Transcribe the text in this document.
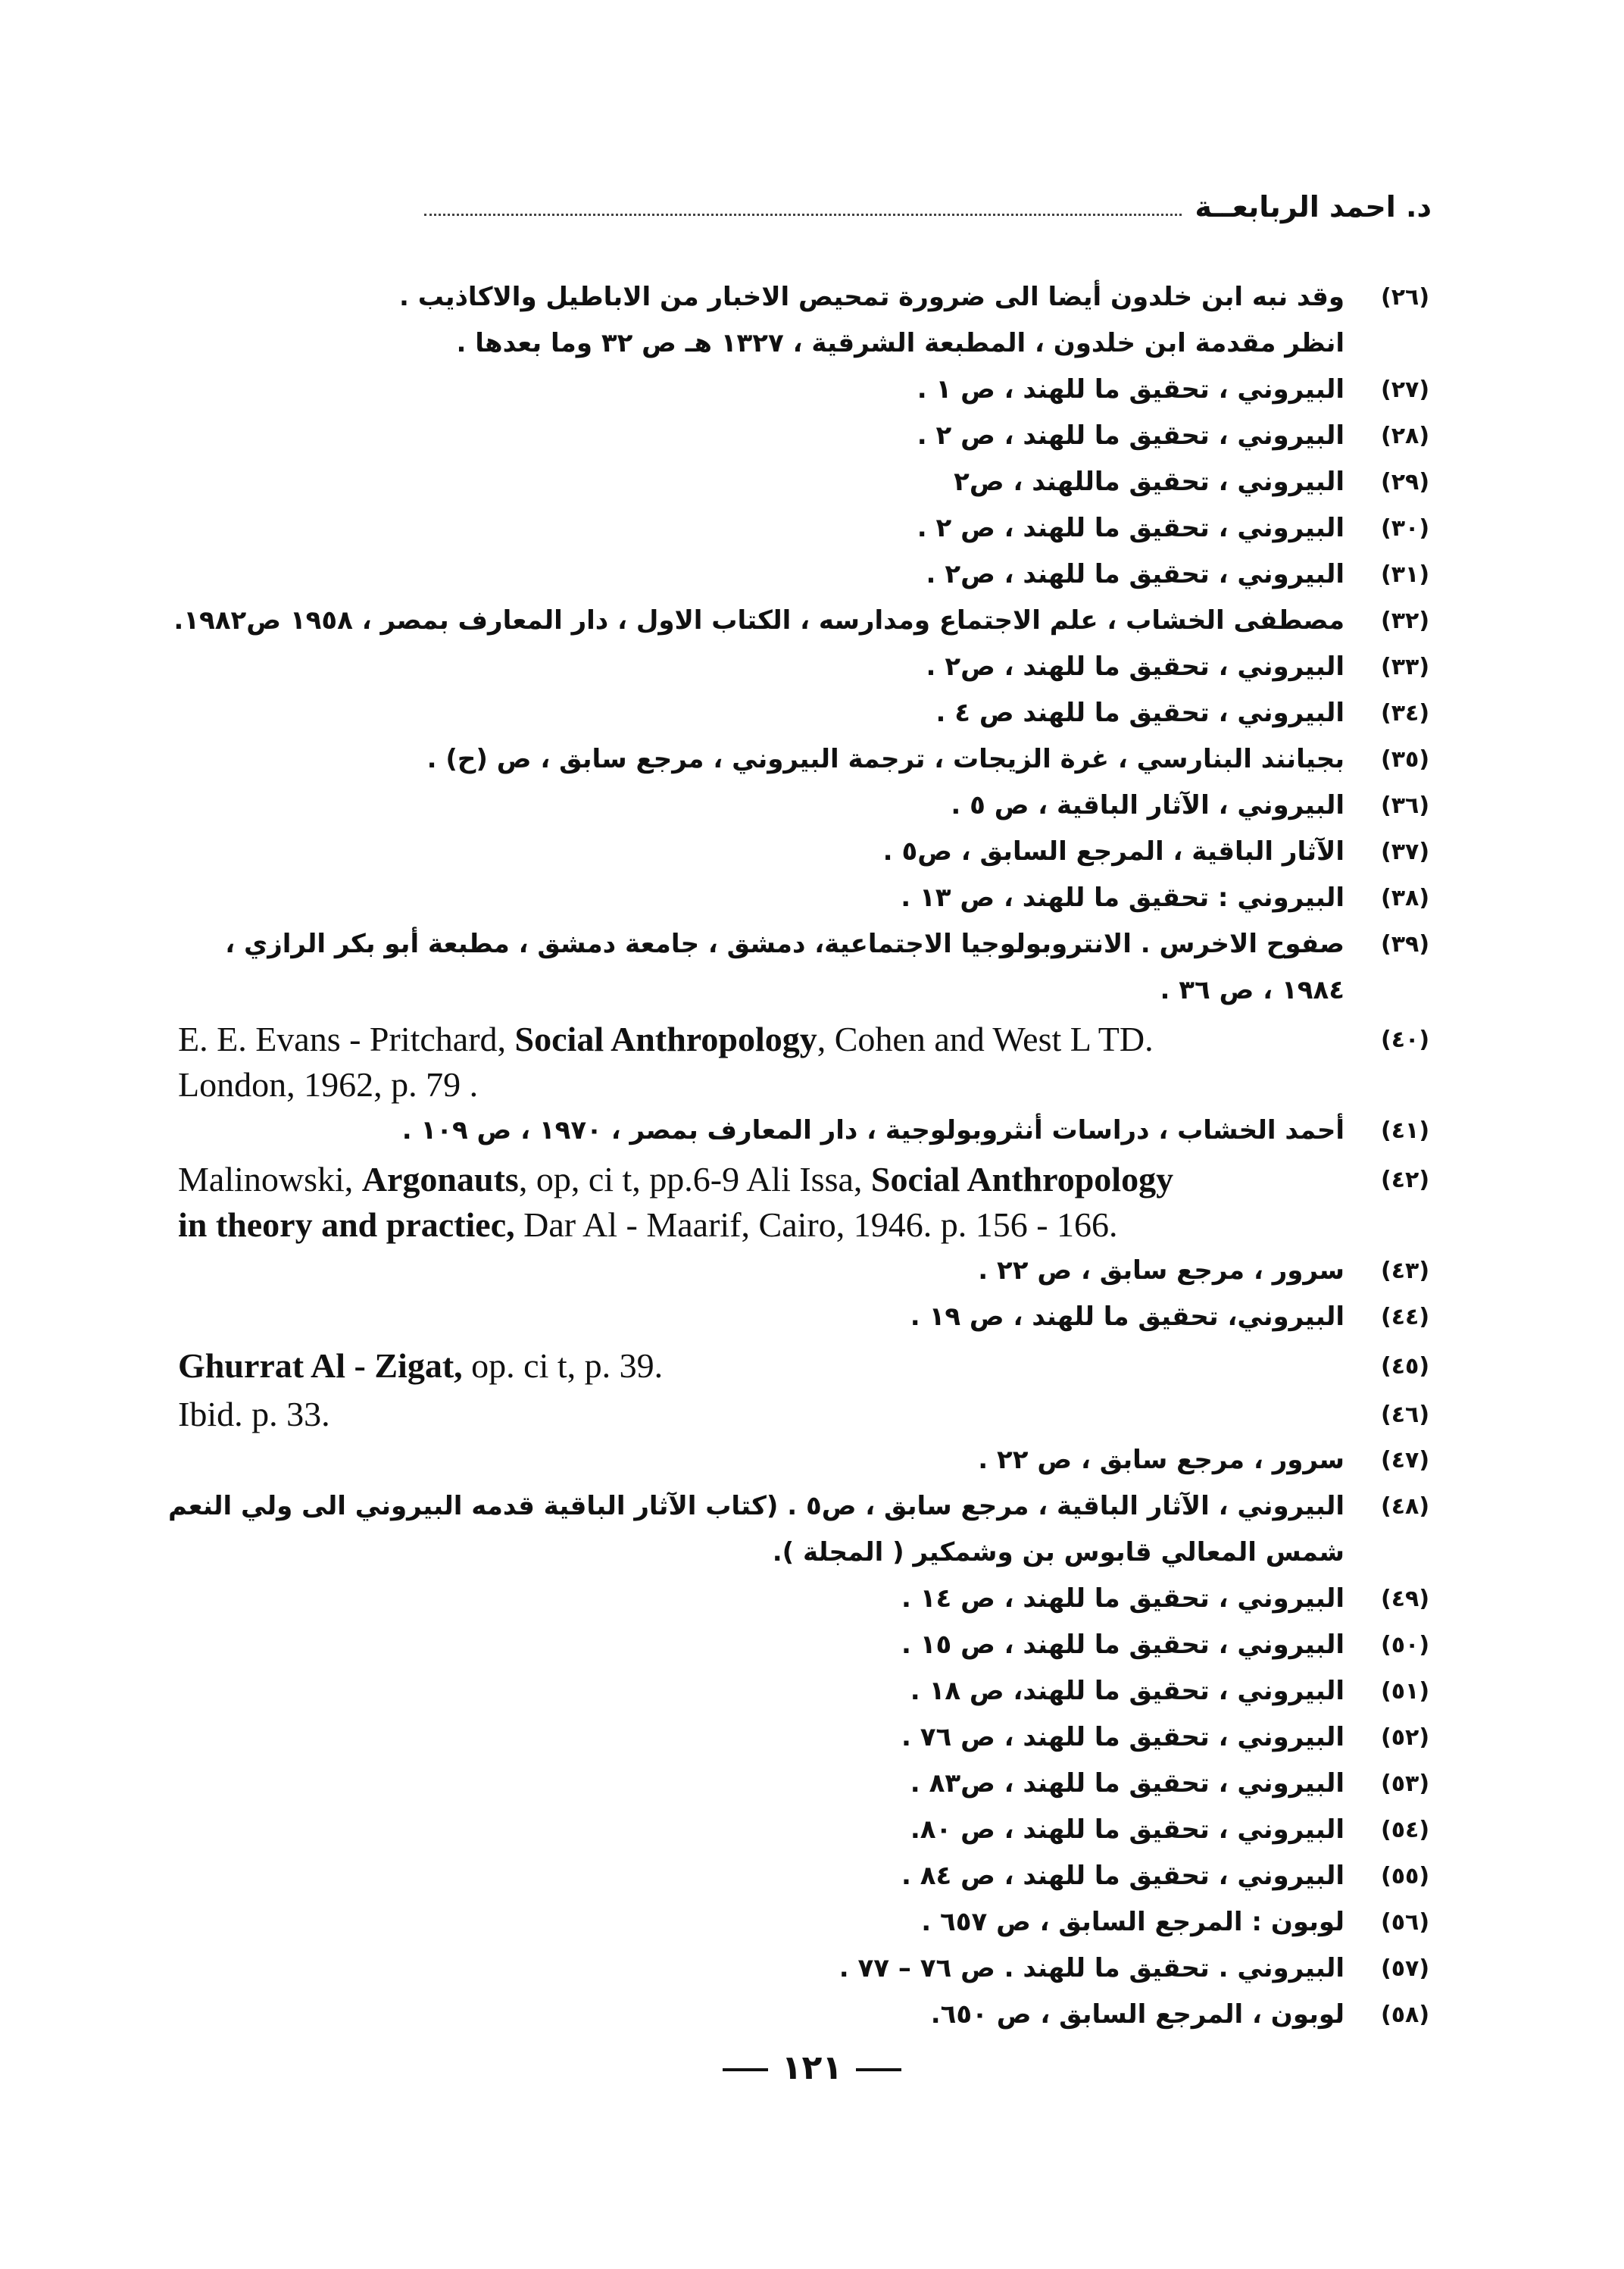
د. احمد الربابعــة
(٢٦)
وقد نبه ابن خلدون أيضا الى ضرورة تمحيص الاخبار من الاباطيل والاكاذيب .
انظر مقدمة ابن خلدون ، المطبعة الشرقية ، ١٣٢٧ هـ ص ٣٢ وما بعدها .
(٢٧)
البيروني ، تحقيق ما للهند ، ص ١ .
(٢٨)
البيروني ، تحقيق ما للهند ، ص ٢ .
(٢٩)
البيروني ، تحقيق ماللهند ، ص٢
(٣٠)
البيروني ، تحقيق ما للهند ، ص ٢ .
(٣١)
البيروني ، تحقيق ما للهند ، ص٢ .
(٣٢)
مصطفى الخشاب ، علم الاجتماع ومدارسه ، الكتاب الاول ، دار المعارف بمصر ، ١٩٥٨ ص١٩٨٢.
(٣٣)
البيروني ، تحقيق ما للهند ، ص٢ .
(٣٤)
البيروني ، تحقيق ما للهند ص ٤ .
(٣٥)
بجيانند البنارسي ، غرة الزيجات ، ترجمة البيروني ، مرجع سابق ، ص (ح) .
(٣٦)
البيروني ، الآثار الباقية ، ص ٥ .
(٣٧)
الآثار الباقية ، المرجع السابق ، ص٥ .
(٣٨)
البيروني : تحقيق ما للهند ، ص ١٣ .
(٣٩)
صفوح الاخرس . الانتروبولوجيا الاجتماعية، دمشق ، جامعة دمشق ، مطبعة أبو بكر الرازي ،
١٩٨٤ ، ص ٣٦ .
(٤٠)
E. E. Evans - Pritchard, Social Anthropology, Cohen and West L TD.
London, 1962, p. 79 .
(٤١)
أحمد الخشاب ، دراسات أنثروبولوجية ، دار المعارف بمصر ، ١٩٧٠ ، ص ١٠٩ .
(٤٢)
Malinowski, Argonauts, op, ci t, pp.6-9 Ali Issa, Social Anthropology
in theory and practiec, Dar Al - Maarif, Cairo, 1946. p. 156 - 166.
(٤٣)
سرور ، مرجع سابق ، ص ٢٢ .
(٤٤)
البيروني، تحقيق ما للهند ، ص ١٩ .
(٤٥)
Ghurrat Al - Zigat, op. ci t, p. 39.
(٤٦)
Ibid. p. 33.
(٤٧)
سرور ، مرجع سابق ، ص ٢٢ .
(٤٨)
البيروني ، الآثار الباقية ، مرجع سابق ، ص٥ . (كتاب الآثار الباقية قدمه البيروني الى ولي النعم
شمس المعالي قابوس بن وشمكير ( المجلة ).
(٤٩)
البيروني ، تحقيق ما للهند ، ص ١٤ .
(٥٠)
البيروني ، تحقيق ما للهند ، ص ١٥ .
(٥١)
البيروني ، تحقيق ما للهند، ص ١٨ .
(٥٢)
البيروني ، تحقيق ما للهند ، ص ٧٦ .
(٥٣)
البيروني ، تحقيق ما للهند ، ص٨٣ .
(٥٤)
البيروني ، تحقيق ما للهند ، ص ٨٠.
(٥٥)
البيروني ، تحقيق ما للهند ، ص ٨٤ .
(٥٦)
لوبون : المرجع السابق ، ص ٦٥٧ .
(٥٧)
البيروني . تحقيق ما للهند . ص ٧٦ – ٧٧ .
(٥٨)
لوبون ، المرجع السابق ، ص ٦٥٠.
١٢١
